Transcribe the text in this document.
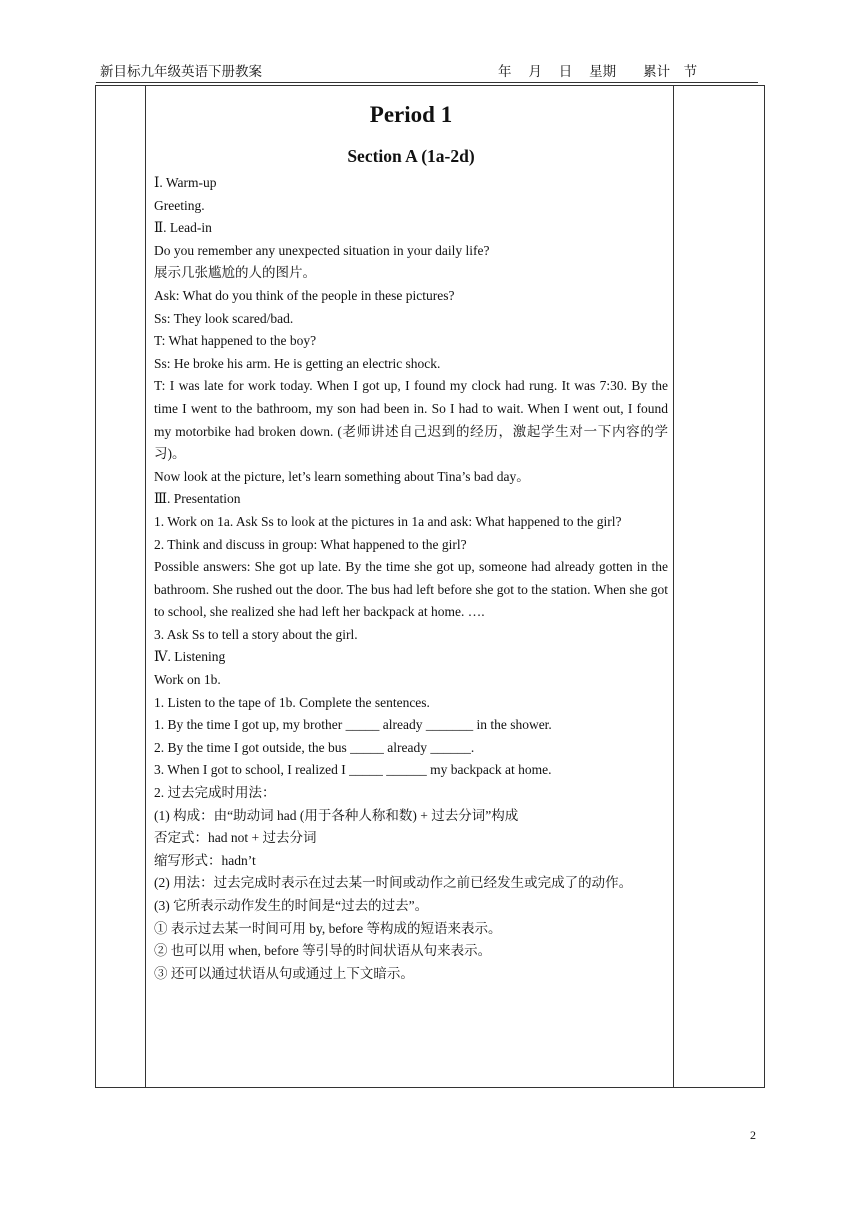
新目标九年级英语下册教案	年　 月　 日　 星期　　累计　节
Period 1
Section A (1a-2d)
Ⅰ. Warm-up
Greeting.
Ⅱ. Lead-in
Do you remember any unexpected situation in your daily life?
展示几张尴尬的人的图片。
Ask: What do you think of the people in these pictures?
Ss: They look scared/bad.
T: What happened to the boy?
Ss: He broke his arm. He is getting an electric shock.
T: I was late for work today. When I got up, I found my clock had rung. It was 7:30. By the time I went to the bathroom, my son had been in. So I had to wait. When I went out, I found my motorbike had broken down. (老师讲述自己迟到的经历，激起学生对一下内容的学习)。
Now look at the picture, let’s learn something about Tina’s bad day。
Ⅲ. Presentation
1. Work on 1a. Ask Ss to look at the pictures in 1a and ask: What happened to the girl?
2. Think and discuss in group: What happened to the girl?
Possible answers: She got up late. By the time she got up, someone had already gotten in the bathroom. She rushed out the door. The bus had left before she got to the station. When she got to school, she realized she had left her backpack at home. ….
3. Ask Ss to tell a story about the girl.
Ⅳ. Listening
Work on 1b.
1. Listen to the tape of 1b. Complete the sentences.
1. By the time I got up, my brother _____ already _______ in the shower.
2. By the time I got outside, the bus _____ already ______.
3. When I got to school, I realized I _____ ______ my backpack at home.
2. 过去完成时用法：
(1) 构成：由“助动词 had (用于各种人称和数) + 过去分词”构成
否定式：had not + 过去分词
缩写形式：hadn’t
(2) 用法：过去完成时表示在过去某一时间或动作之前已经发生或完成了的动作。
(3) 它所表示动作发生的时间是“过去的过去”。
① 表示过去某一时间可用 by, before 等构成的短语来表示。
② 也可以用 when, before 等引导的时间状语从句来表示。
③ 还可以通过状语从句或通过上下文暗示。
2
